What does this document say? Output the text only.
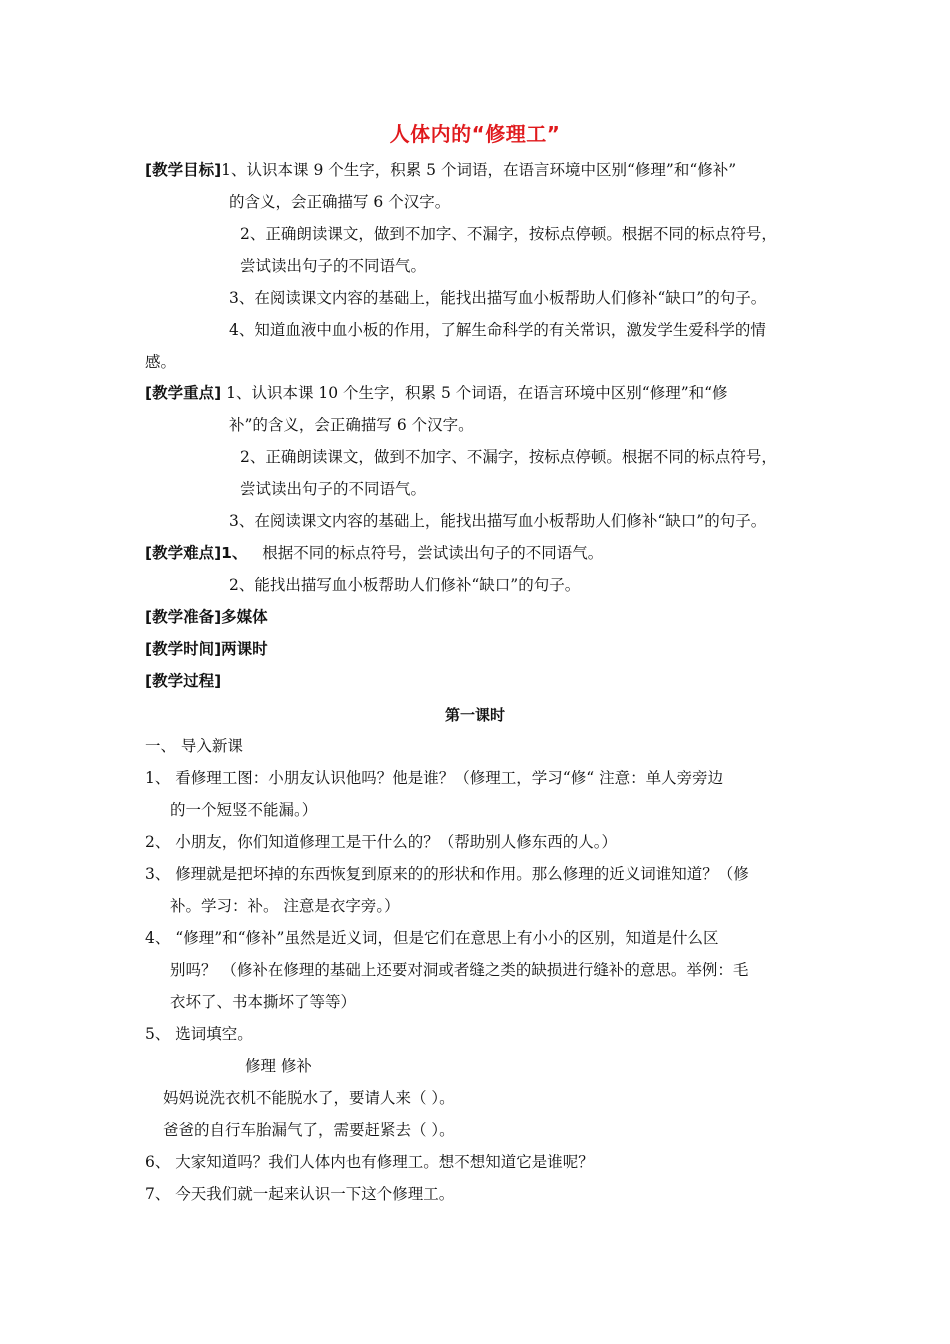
人体内的“修理工”
[教学目标]1、认识本课 9 个生字，积累 5 个词语，在语言环境中区别“修理”和“修补”
的含义，会正确描写 6 个汉字。
2、正确朗读课文，做到不加字、不漏字，按标点停顿。根据不同的标点符号，
尝试读出句子的不同语气。
3、在阅读课文内容的基础上，能找出描写血小板帮助人们修补“缺口”的句子。
4、知道血液中血小板的作用，了解生命科学的有关常识，激发学生爱科学的情
感。
[教学重点] 1、认识本课 10 个生字，积累 5 个词语，在语言环境中区别“修理”和“修
补”的含义，会正确描写 6 个汉字。
2、正确朗读课文，做到不加字、不漏字，按标点停顿。根据不同的标点符号，
尝试读出句子的不同语气。
3、在阅读课文内容的基础上，能找出描写血小板帮助人们修补“缺口”的句子。
[教学难点]1、 根据不同的标点符号，尝试读出句子的不同语气。
2、能找出描写血小板帮助人们修补“缺口”的句子。
[教学准备]多媒体
[教学时间]两课时
[教学过程]
第一课时
一、 导入新课
1、 看修理工图：小朋友认识他吗？他是谁？（修理工，学习“修“ 注意：单人旁旁边
的一个短竖不能漏。）
2、 小朋友，你们知道修理工是干什么的？（帮助别人修东西的人。）
3、 修理就是把坏掉的东西恢复到原来的的形状和作用。那么修理的近义词谁知道？（修
补。学习：补。 注意是衣字旁。）
4、 “修理”和“修补”虽然是近义词，但是它们在意思上有小小的区别，知道是什么区
别吗？ （修补在修理的基础上还要对洞或者缝之类的缺损进行缝补的意思。举例：毛
衣坏了、书本撕坏了等等）
5、 选词填空。
修理 修补
妈妈说洗衣机不能脱水了，要请人来（ ）。
爸爸的自行车胎漏气了，需要赶紧去（ ）。
6、 大家知道吗？我们人体内也有修理工。想不想知道它是谁呢？
7、 今天我们就一起来认识一下这个修理工。
